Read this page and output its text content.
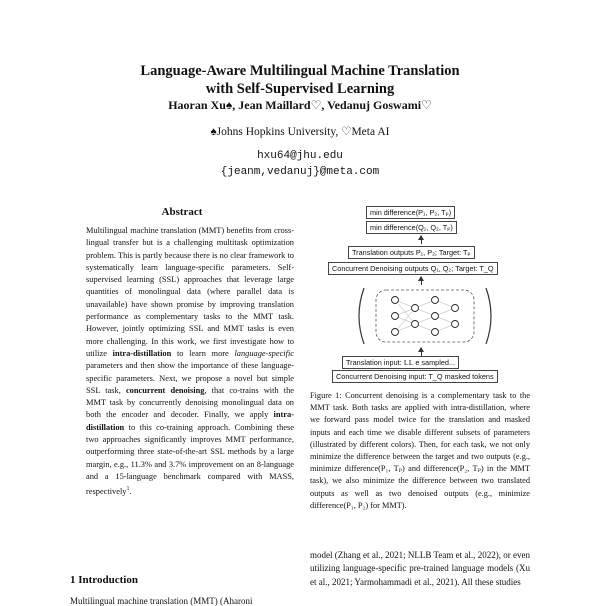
Language-Aware Multilingual Machine Translation
with Self-Supervised Learning
Haoran Xu♠, Jean Maillard♡, Vedanuj Goswami♡
♠Johns Hopkins University, ♡Meta AI
hxu64@jhu.edu
{jeanm,vedanuj}@meta.com
Abstract
Multilingual machine translation (MMT) benefits from cross-lingual transfer but is a challenging multitask optimization problem. This is partly because there is no clear framework to systematically learn language-specific parameters. Self-supervised learning (SSL) approaches that leverage large quantities of monolingual data (where parallel data is unavailable) have shown promise by improving translation performance as complementary tasks to the MMT task. However, jointly optimizing SSL and MMT tasks is even more challenging. In this work, we first investigate how to utilize intra-distillation to learn more language-specific parameters and then show the importance of these language-specific parameters. Next, we propose a novel but simple SSL task, concurrent denoising, that co-trains with the MMT task by concurrently denoising monolingual data on both the encoder and decoder. Finally, we apply intra-distillation to this co-training approach. Combining these two approaches significantly improves MMT performance, outperforming three state-of-the-art SSL methods by a large margin, e.g., 11.3% and 3.7% improvement on an 8-language and a 15-language benchmark compared with MASS, respectively$^1$.
1 Introduction
Multilingual machine translation (MMT) (Aharoni
min difference(P₁, P₂, Tₚ)
min difference(Q₁, Q₂, Tₚ)
Translation outputs P₁, P₂; Target: Tₚ
Concurrent Denoising outputs Q₁, Q₂; Target: T_Q
Translation input: 𝕃𝕃 e sampled...
Concurrent Denoising input: T_Q masked tokens
Figure 1: Concurrent denoising is a complementary task to the MMT task. Both tasks are applied with intra-distillation, where we forward pass model twice for the translation and masked inputs and each time we disable different subsets of parameters (illustrated by different colors). Then, for each task, we not only minimize the difference between the target and two outputs (e.g., minimize difference(P₁, Tₚ) and difference(P₂, Tₚ) in the MMT task), we also minimize the difference between two translated outputs as well as two denoised outputs (e.g., minimize difference(P₁, P₂) for MMT).
model (Zhang et al., 2021; NLLB Team et al., 2022), or even utilizing language-specific pre-trained language models (Xu et al., 2021; Yarmohammadi et al., 2021). All these studies
